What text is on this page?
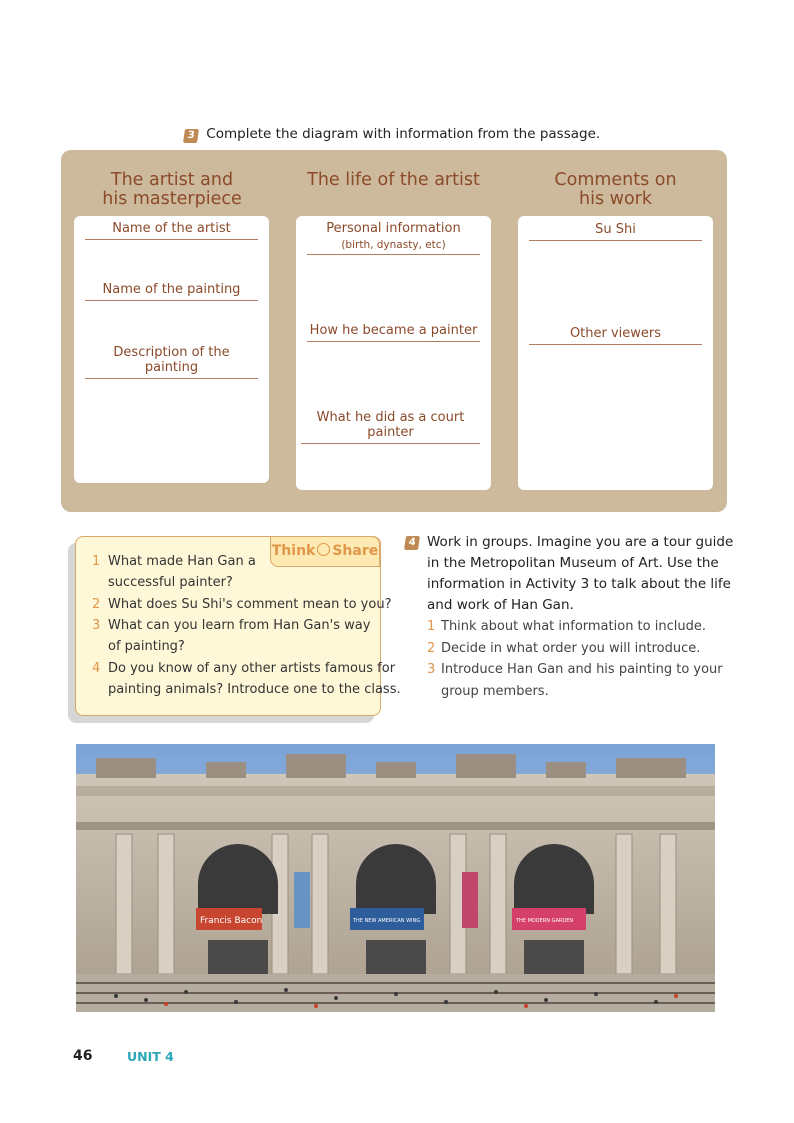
3 Complete the diagram with information from the passage.
The artist and
his masterpiece
Name of the artist
Name of the painting
Description of the painting
The life of the artist
Personal information
(birth, dynasty, etc)
How he became a painter
What he did as a court painter
Comments on
his work
Su Shi
Other viewers
Think Share
1 What made Han Gan a
successful painter?
2 What does Su Shi's comment mean to you?
3 What can you learn from Han Gan's way
of painting?
4 Do you know of any other artists famous for
painting animals? Introduce one to the class.
4 Work in groups. Imagine you are a tour guide
in the Metropolitan Museum of Art. Use the
information in Activity 3 to talk about the life
and work of Han Gan.
1 Think about what information to include.
2 Decide in what order you will introduce.
3 Introduce Han Gan and his painting to your
group members.
Francis Bacon	THE NEW AMERICAN WING	THE MODERN GARDEN
46	UNIT 4
